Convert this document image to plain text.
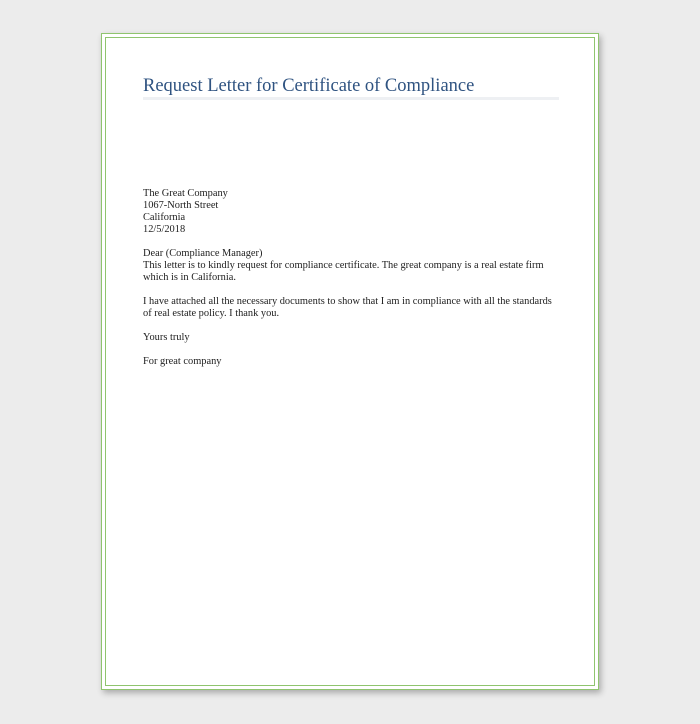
Request Letter for Certificate of Compliance

The Great Company

1067-North Street

California

12/5/2018

Dear (Compliance Manager)

This letter is to kindly request for compliance certificate. The great company is a real estate firm which is in California.

I have attached all the necessary documents to show that I am in compliance with all the standards of real estate policy. I thank you.

Yours truly

For great company
